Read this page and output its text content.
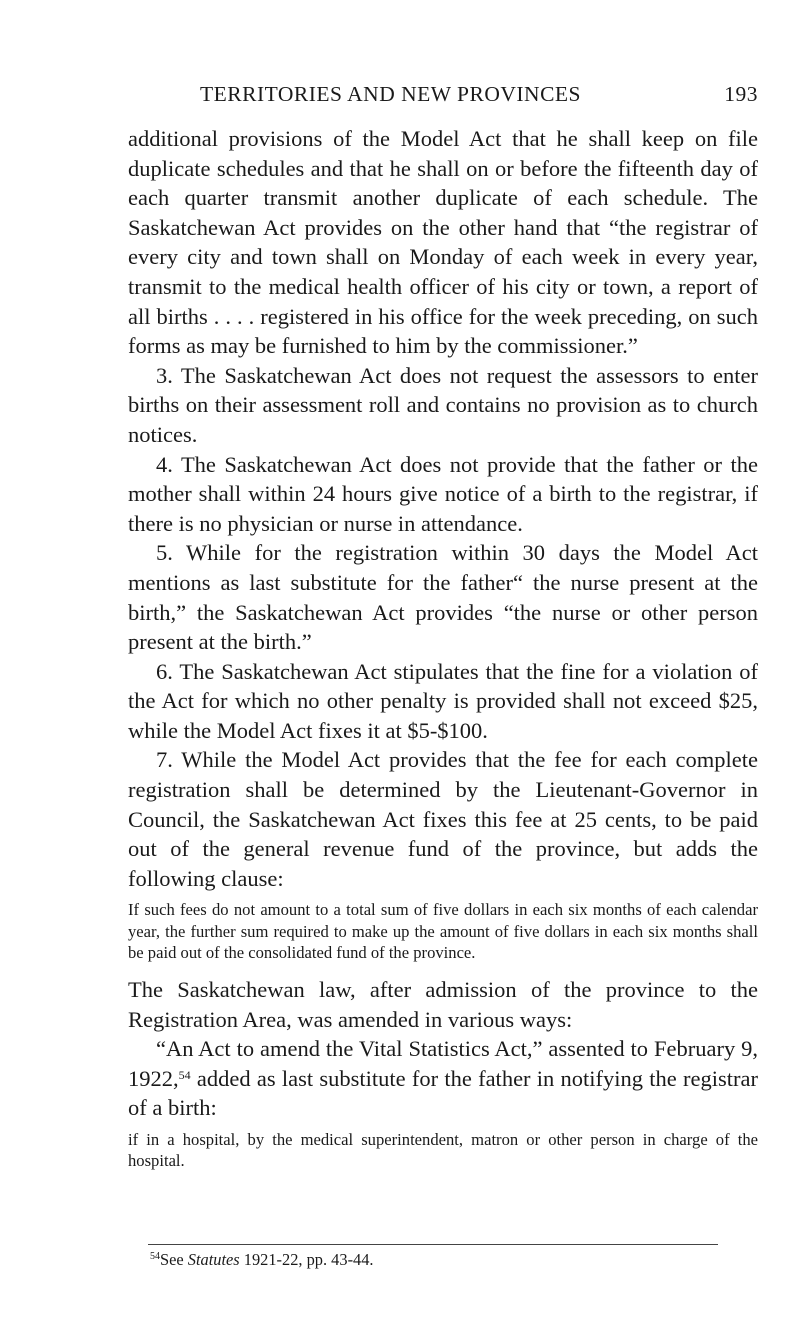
TERRITORIES AND NEW PROVINCES	193

additional provisions of the Model Act that he shall keep on file duplicate schedules and that he shall on or before the fifteenth day of each quarter transmit another duplicate of each schedule. The Saskatchewan Act provides on the other hand that “the registrar of every city and town shall on Monday of each week in every year, transmit to the medical health officer of his city or town, a report of all births . . . . registered in his office for the week preceding, on such forms as may be furnished to him by the commissioner.”

3. The Saskatchewan Act does not request the assessors to enter births on their assessment roll and contains no provision as to church notices.

4. The Saskatchewan Act does not provide that the father or the mother shall within 24 hours give notice of a birth to the registrar, if there is no physician or nurse in attendance.

5. While for the registration within 30 days the Model Act mentions as last substitute for the father“ the nurse present at the birth,” the Saskatchewan Act provides “the nurse or other person present at the birth.”

6. The Saskatchewan Act stipulates that the fine for a violation of the Act for which no other penalty is provided shall not exceed $25, while the Model Act fixes it at $5-$100.

7. While the Model Act provides that the fee for each complete registration shall be determined by the Lieutenant-Governor in Council, the Saskatchewan Act fixes this fee at 25 cents, to be paid out of the general revenue fund of the province, but adds the following clause:

If such fees do not amount to a total sum of five dollars in each six months of each calendar year, the further sum required to make up the amount of five dollars in each six months shall be paid out of the consolidated fund of the province.

The Saskatchewan law, after admission of the province to the Registration Area, was amended in various ways:

“An Act to amend the Vital Statistics Act,” assented to February 9, 1922,54 added as last substitute for the father in notifying the registrar of a birth:

if in a hospital, by the medical superintendent, matron or other person in charge of the hospital.

$^{54}$See Statutes 1921-22, pp. 43-44.
